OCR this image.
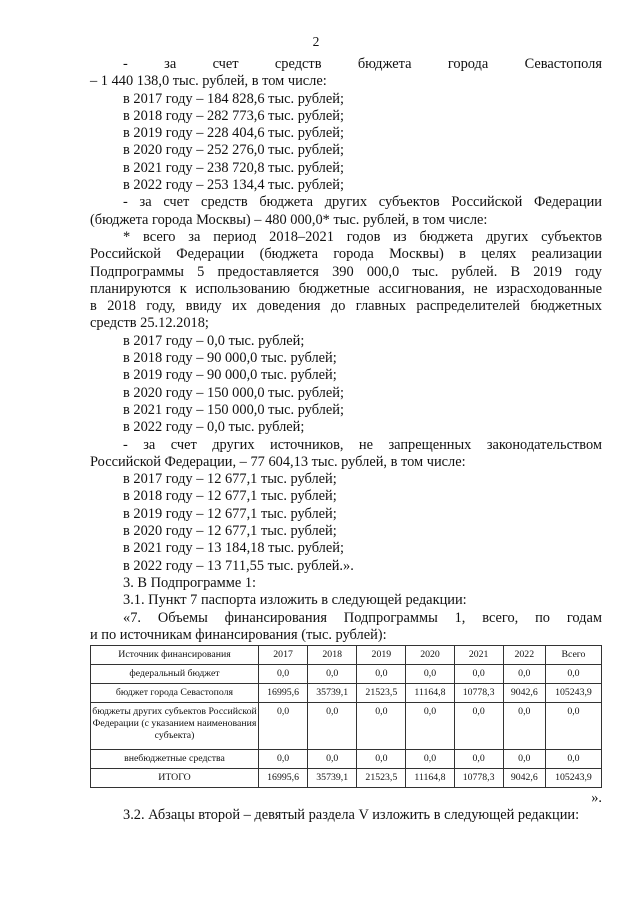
2
-	за	счет	средств	бюджета	города	Севастополя
– 1 440 138,0 тыс. рублей, в том числе:
в 2017 году – 184 828,6 тыс. рублей;
в 2018 году – 282 773,6 тыс. рублей;
в 2019 году – 228 404,6 тыс. рублей;
в 2020 году – 252 276,0 тыс. рублей;
в 2021 году – 238 720,8 тыс. рублей;
в 2022 году – 253 134,4 тыс. рублей;
- за счет средств бюджета других субъектов Российской Федерации
(бюджета города Москвы) – 480 000,0* тыс. рублей, в том числе:
* всего за период 2018–2021 годов из бюджета других субъектов
Российской Федерации (бюджета города Москвы) в целях реализации
Подпрограммы 5 предоставляется 390 000,0 тыс. рублей. В 2019 году
планируются к использованию бюджетные ассигнования, не израсходованные
в 2018 году, ввиду их доведения до главных распределителей бюджетных
средств 25.12.2018;
в 2017 году – 0,0 тыс. рублей;
в 2018 году – 90 000,0 тыс. рублей;
в 2019 году – 90 000,0 тыс. рублей;
в 2020 году – 150 000,0 тыс. рублей;
в 2021 году – 150 000,0 тыс. рублей;
в 2022 году – 0,0 тыс. рублей;
- за счет других источников, не запрещенных законодательством
Российской Федерации, – 77 604,13 тыс. рублей, в том числе:
в 2017 году – 12 677,1 тыс. рублей;
в 2018 году – 12 677,1 тыс. рублей;
в 2019 году – 12 677,1 тыс. рублей;
в 2020 году – 12 677,1 тыс. рублей;
в 2021 году – 13 184,18 тыс. рублей;
в 2022 году – 13 711,55 тыс. рублей.».
3. В Подпрограмме 1:
3.1. Пункт 7 паспорта изложить в следующей редакции:
«7. Объемы финансирования Подпрограммы 1, всего, по годам
и по источникам финансирования (тыс. рублей):
Источник финансирования	2017	2018	2019	2020	2021	2022	Всего
федеральный бюджет	0,0	0,0	0,0	0,0	0,0	0,0	0,0
бюджет города Севастополя	16995,6	35739,1	21523,5	11164,8	10778,3	9042,6	105243,9
бюджеты других субъектов Российской Федерации (с указанием наименования субъекта)	0,0	0,0	0,0	0,0	0,0	0,0	0,0
внебюджетные средства	0,0	0,0	0,0	0,0	0,0	0,0	0,0
ИТОГО	16995,6	35739,1	21523,5	11164,8	10778,3	9042,6	105243,9
».
3.2. Абзацы второй – девятый раздела V изложить в следующей редакции:
